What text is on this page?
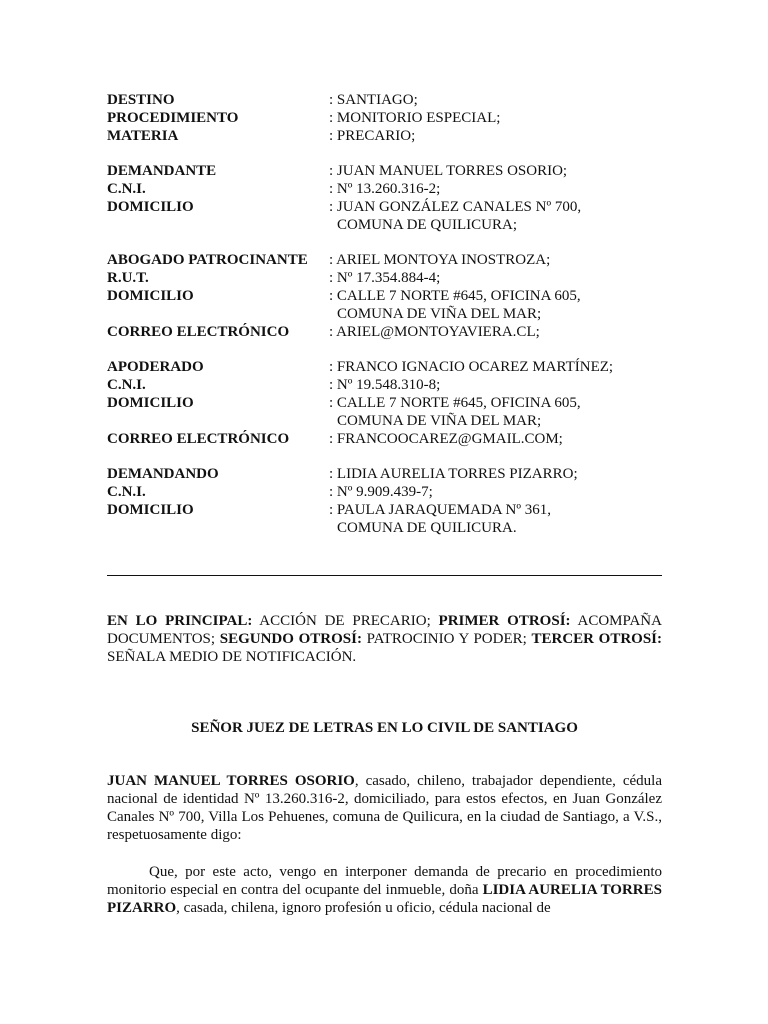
DESTINO	: SANTIAGO;
PROCEDIMIENTO	: MONITORIO ESPECIAL;
MATERIA	: PRECARIO;
DEMANDANTE	: JUAN MANUEL TORRES OSORIO;
C.N.I.	: Nº 13.260.316-2;
DOMICILIO	: JUAN GONZÁLEZ CANALES Nº 700,
COMUNA DE QUILICURA;
ABOGADO PATROCINANTE	: ARIEL MONTOYA INOSTROZA;
R.U.T.	: Nº 17.354.884-4;
DOMICILIO	: CALLE 7 NORTE #645, OFICINA 605,
COMUNA DE VIÑA DEL MAR;
CORREO ELECTRÓNICO	: ARIEL@MONTOYAVIERA.CL;
APODERADO	: FRANCO IGNACIO OCAREZ MARTÍNEZ;
C.N.I.	: Nº 19.548.310-8;
DOMICILIO	: CALLE 7 NORTE #645, OFICINA 605,
COMUNA DE VIÑA DEL MAR;
CORREO ELECTRÓNICO	: FRANCOOCAREZ@GMAIL.COM;
DEMANDANDO	: LIDIA AURELIA TORRES PIZARRO;
C.N.I.	: Nº 9.909.439-7;
DOMICILIO	: PAULA JARAQUEMADA Nº 361,
COMUNA DE QUILICURA.
EN LO PRINCIPAL: ACCIÓN DE PRECARIO; PRIMER OTROSÍ: ACOMPAÑA DOCUMENTOS; SEGUNDO OTROSÍ: PATROCINIO Y PODER; TERCER OTROSÍ: SEÑALA MEDIO DE NOTIFICACIÓN.
SEÑOR JUEZ DE LETRAS EN LO CIVIL DE SANTIAGO
JUAN MANUEL TORRES OSORIO, casado, chileno, trabajador dependiente, cédula nacional de identidad Nº 13.260.316-2, domiciliado, para estos efectos, en Juan González Canales Nº 700, Villa Los Pehuenes, comuna de Quilicura, en la ciudad de Santiago, a V.S., respetuosamente digo:
Que, por este acto, vengo en interponer demanda de precario en procedimiento monitorio especial en contra del ocupante del inmueble, doña LIDIA AURELIA TORRES PIZARRO, casada, chilena, ignoro profesión u oficio, cédula nacional de
